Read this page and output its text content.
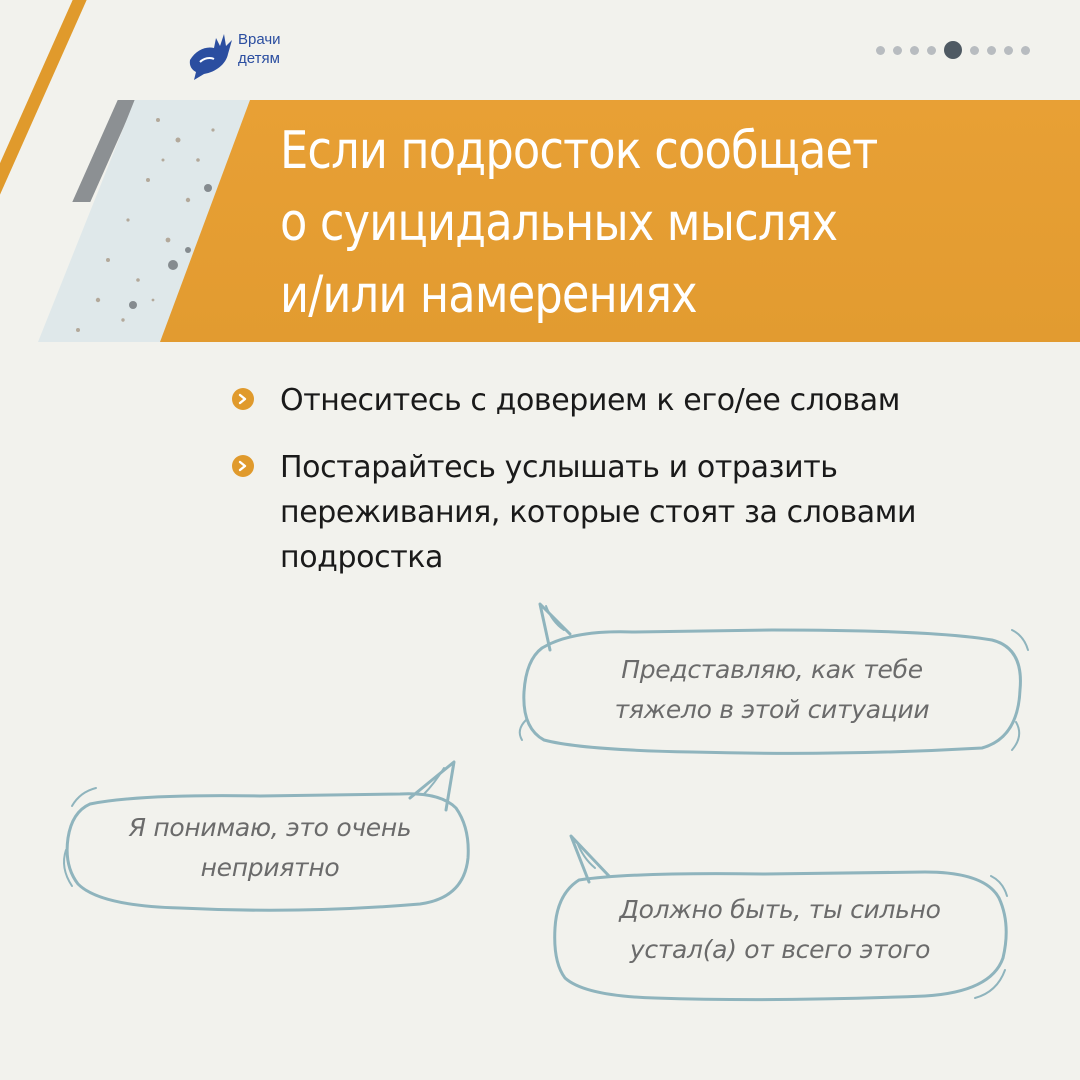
Врачи
детям
Если подросток сообщает
о суицидальных мыслях
и/или намерениях
Отнеситесь с доверием к его/ее словам
Постарайтесь услышать и отразить
переживания, которые стоят за словами
подростка
Представляю, как тебе
тяжело в этой ситуации
Я понимаю, это очень
неприятно
Должно быть, ты сильно
устал(а) от всего этого
